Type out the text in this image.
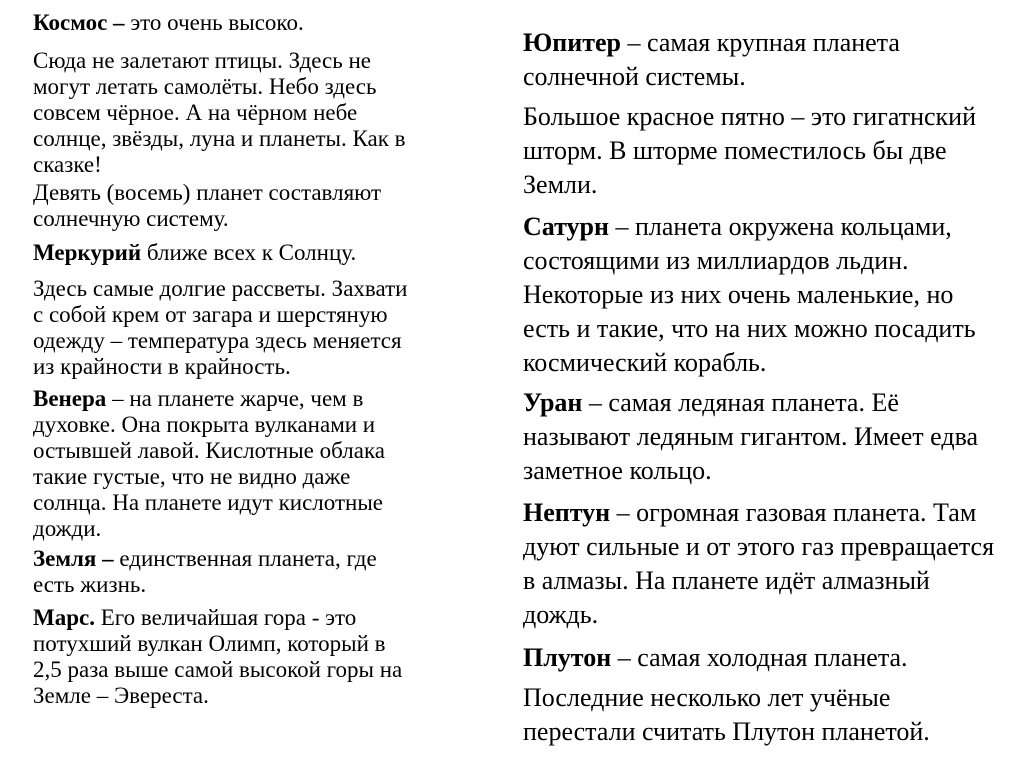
Космос – это очень высоко.

Сюда не залетают птицы. Здесь не
могут летать самолёты. Небо здесь
совсем чёрное. А на чёрном небе
солнце, звёзды, луна и планеты. Как в
сказке!

Девять (восемь) планет составляют
солнечную систему.

Меркурий ближе всех к Солнцу.

Здесь самые долгие рассветы. Захвати
с собой крем от загара и шерстяную
одежду – температура здесь меняется
из крайности в крайность.

Венера – на планете жарче, чем в
духовке. Она покрыта вулканами и
остывшей лавой. Кислотные облака
такие густые, что не видно даже
солнца. На планете идут кислотные
дожди.

Земля – единственная планета, где
есть жизнь.

Марс. Его величайшая гора - это
потухший вулкан Олимп, который в
2,5 раза выше самой высокой горы на
Земле – Эвереста.

Юпитер – самая крупная планета
солнечной системы.

Большое красное пятно – это гигатнский
шторм. В шторме поместилось бы две
Земли.

Сатурн – планета окружена кольцами,
состоящими из миллиардов льдин.
Некоторые из них очень маленькие, но
есть и такие, что на них можно посадить
космический корабль.

Уран – самая ледяная планета. Её
называют ледяным гигантом. Имеет едва
заметное кольцо.

Нептун – огромная газовая планета. Там
дуют сильные и от этого газ превращается
в алмазы. На планете идёт алмазный
дождь.

Плутон – самая холодная планета.

Последние несколько лет учёные
перестали считать Плутон планетой.
